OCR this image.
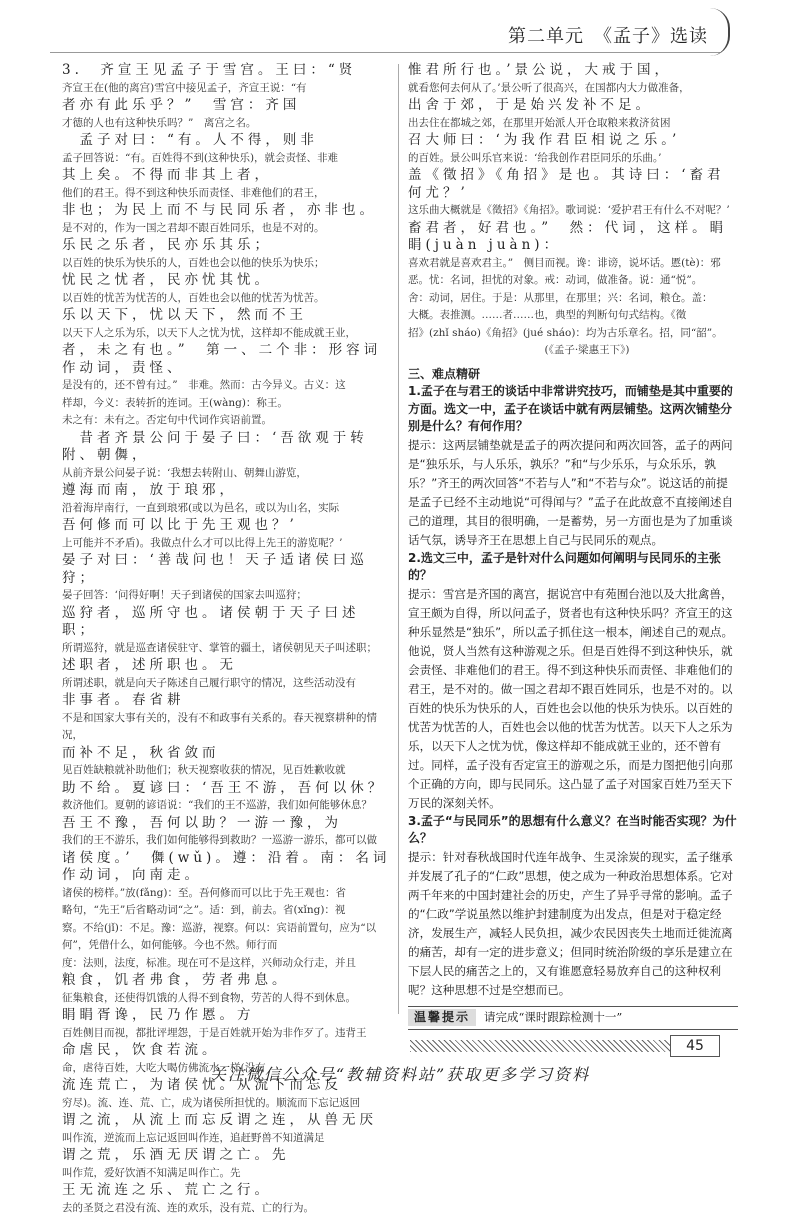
第二单元　《孟子》选读
3.　齐宣王见孟子于雪宫。王曰：“贤
齐宣王在(他的离宫)雪宫中接见孟子，齐宣王说：“有
者亦有此乐乎？”　雪宫：齐国
才德的人也有这种快乐吗？”　离宫之名。
　孟子对曰：“有。人不得，则非
孟子回答说：“有。百姓得不到(这种快乐)，就会责怪、非难
其上矣。不得而非其上者，
他们的君王。得不到这种快乐而责怪、非难他们的君王，
非也；为民上而不与民同乐者，亦非也。
是不对的，作为一国之君却不跟百姓同乐，也是不对的。
乐民之乐者，民亦乐其乐；
以百姓的快乐为快乐的人，百姓也会以他的快乐为快乐；
忧民之忧者，民亦忧其忧。
以百姓的忧苦为忧苦的人，百姓也会以他的忧苦为忧苦。
乐以天下，忧以天下，然而不王
以天下人之乐为乐，以天下人之忧为忧，这样却不能成就王业，
者，未之有也。”　第一、二个非：形容词作动词，责怪、
是没有的，还不曾有过。”　非难。然而：古今异义。古义：这
样却，今义：表转折的连词。王(wàng)：称王。
未之有：未有之。否定句中代词作宾语前置。
　昔者齐景公问于晏子曰：‘吾欲观于转附、朝儛，
从前齐景公问晏子说：‘我想去转附山、朝舞山游览，
遵海而南，放于琅邪，
沿着海岸南行，一直到琅邪(或以为邑名，或以为山名，实际
吾何修而可以比于先王观也？’
上可能并不矛盾)。我做点什么才可以比得上先王的游览呢？’
晏子对曰：‘善哉问也！天子适诸侯曰巡狩；
晏子回答：‘问得好啊！天子到诸侯的国家去叫巡狩；
巡狩者，巡所守也。诸侯朝于天子曰述职；
所谓巡狩，就是巡查诸侯驻守、掌管的疆土，诸侯朝见天子叫述职；
述职者，述所职也。无
所谓述职，就是向天子陈述自己履行职守的情况，这些活动没有
非事者。春省耕
不是和国家大事有关的，没有不和政事有关系的。春天视察耕种的情况，
而补不足，秋省敛而
见百姓缺粮就补助他们；秋天视察收获的情况，见百姓歉收就
助不给。夏谚曰：‘吾王不游，吾何以休？
救济他们。夏朝的谚语说：“我们的王不巡游，我们如何能够休息？
吾王不豫，吾何以助？一游一豫，为
我们的王不游乐，我们如何能够得到救助？一巡游一游乐，都可以做
诸侯度。’　儛(wǔ)。遵：沿着。南：名词作动词，向南走。
诸侯的榜样。”放(fǎng)：至。吾何修而可以比于先王观也：省
略句，“先王”后省略动词“之”。适：到，前去。省(xǐng)：视
察。不给(jǐ)：不足。豫：巡游，视察。何以：宾语前置句，应为“以
何”，凭借什么，如何能够。今也不然。师行而
度：法则，法度，标准。现在可不是这样，兴师动众行走，并且
粮食，饥者弗食，劳者弗息。
征集粮食，还使得饥饿的人得不到食物，劳苦的人得不到休息。
睊睊胥谗，民乃作慝。方
百姓侧目而视，都批评埋怨，于是百姓就开始为非作歹了。违背王
命虐民，饮食若流。
命，虐待百姓，大吃大喝仿佛流水一样(没有
流连荒亡，为诸侯忧。从流下而忘反
穷尽)。流、连、荒、亡，成为诸侯所担忧的。顺流而下忘记返回
谓之流，从流上而忘反谓之连，从兽无厌
叫作流，逆流而上忘记返回叫作连，追赶野兽不知道满足
谓之荒，乐酒无厌谓之亡。先
叫作荒，爱好饮酒不知满足叫作亡。先
王无流连之乐、荒亡之行。
去的圣贤之君没有流、连的欢乐，没有荒、亡的行为。
惟君所行也。’景公说，大戒于国，
就看您何去何从了。’景公听了很高兴，在国都内大力做准备，
出舍于郊，于是始兴发补不足。
出去住在都城之郊，在那里开始派人开仓取粮来救济贫困
召大师曰：‘为我作君臣相说之乐。’
的百姓。景公叫乐官来说：‘给我创作君臣同乐的乐曲。’
盖《徵招》《角招》是也。其诗曰：‘畜君何尤？’
这乐曲大概就是《徵招》《角招》。歌词说：‘爱护君王有什么不对呢？’
畜君者，好君也。”　然：代词，这样。睊睊(juàn juàn)：
喜欢君就是喜欢君主。”　侧目而视。谗：诽谤，说坏话。慝(tè)：邪
恶。忧：名词，担忧的对象。戒：动词，做准备。说：通“悦”。
舍：动词，居住。于是：从那里，在那里；兴：名词，粮仓。盖：
大概。表推测。……者……也，典型的判断句句式结构。《徵
招》(zhǐ sháo)《角招》(jué sháo)：均为古乐章名。招，同“韶”。
　　　　　　　　　　　　　(《孟子·梁惠王下》)
三、难点精研
1.孟子在与君王的谈话中非常讲究技巧，而铺垫是其中重要的方面。选文一中，孟子在谈话中就有两层铺垫。这两次铺垫分别是什么？有何作用？
提示：这两层铺垫就是孟子的两次提问和两次回答，孟子的两问是“独乐乐，与人乐乐，孰乐？”和“与少乐乐，与众乐乐，孰乐？”齐王的两次回答“不若与人”和“不若与众”。说这话的前提是孟子已经不主动地说“可得闻与？”孟子在此故意不直接阐述自己的道理，其目的很明确，一是蓄势，另一方面也是为了加重谈话气氛，诱导齐王在思想上自己与民同乐的观点。
2.选文三中，孟子是针对什么问题如何阐明与民同乐的主张的？
提示：雪宫是齐国的离宫，据说宫中有苑囿台池以及大批禽兽，宣王颇为自得，所以问孟子，贤者也有这种快乐吗？齐宣王的这种乐显然是“独乐”，所以孟子抓住这一根本，阐述自己的观点。他说，贤人当然有这种游观之乐。但是百姓得不到这种快乐，就会责怪、非难他们的君王。得不到这种快乐而责怪、非难他们的君王，是不对的。做一国之君却不跟百姓同乐，也是不对的。以百姓的快乐为快乐的人，百姓也会以他的快乐为快乐。以百姓的忧苦为忧苦的人，百姓也会以他的忧苦为忧苦。以天下人之乐为乐，以天下人之忧为忧，像这样却不能成就王业的，还不曾有过。同样，孟子没有否定宣王的游观之乐，而是力图把他引向那个正确的方向，即与民同乐。这凸显了孟子对国家百姓乃至天下万民的深刻关怀。
3.孟子“与民同乐”的思想有什么意义？在当时能否实现？为什么？
提示：针对春秋战国时代连年战争、生灵涂炭的现实，孟子继承并发展了孔子的“仁政”思想，使之成为一种政治思想体系。它对两千年来的中国封建社会的历史，产生了异乎寻常的影响。孟子的“仁政”学说虽然以维护封建制度为出发点，但是对于稳定经济，发展生产，减轻人民负担，减少农民因丧失土地而迁徙流离的痛苦，却有一定的进步意义；但同时统治阶级的享乐是建立在下层人民的痛苦之上的，又有谁愿意轻易放弃自己的这种权利呢？这种思想不过是空想而已。
温馨提示	请完成“课时跟踪检测十一”
45
关注微信公众号“教辅资料站”获取更多学习资料
